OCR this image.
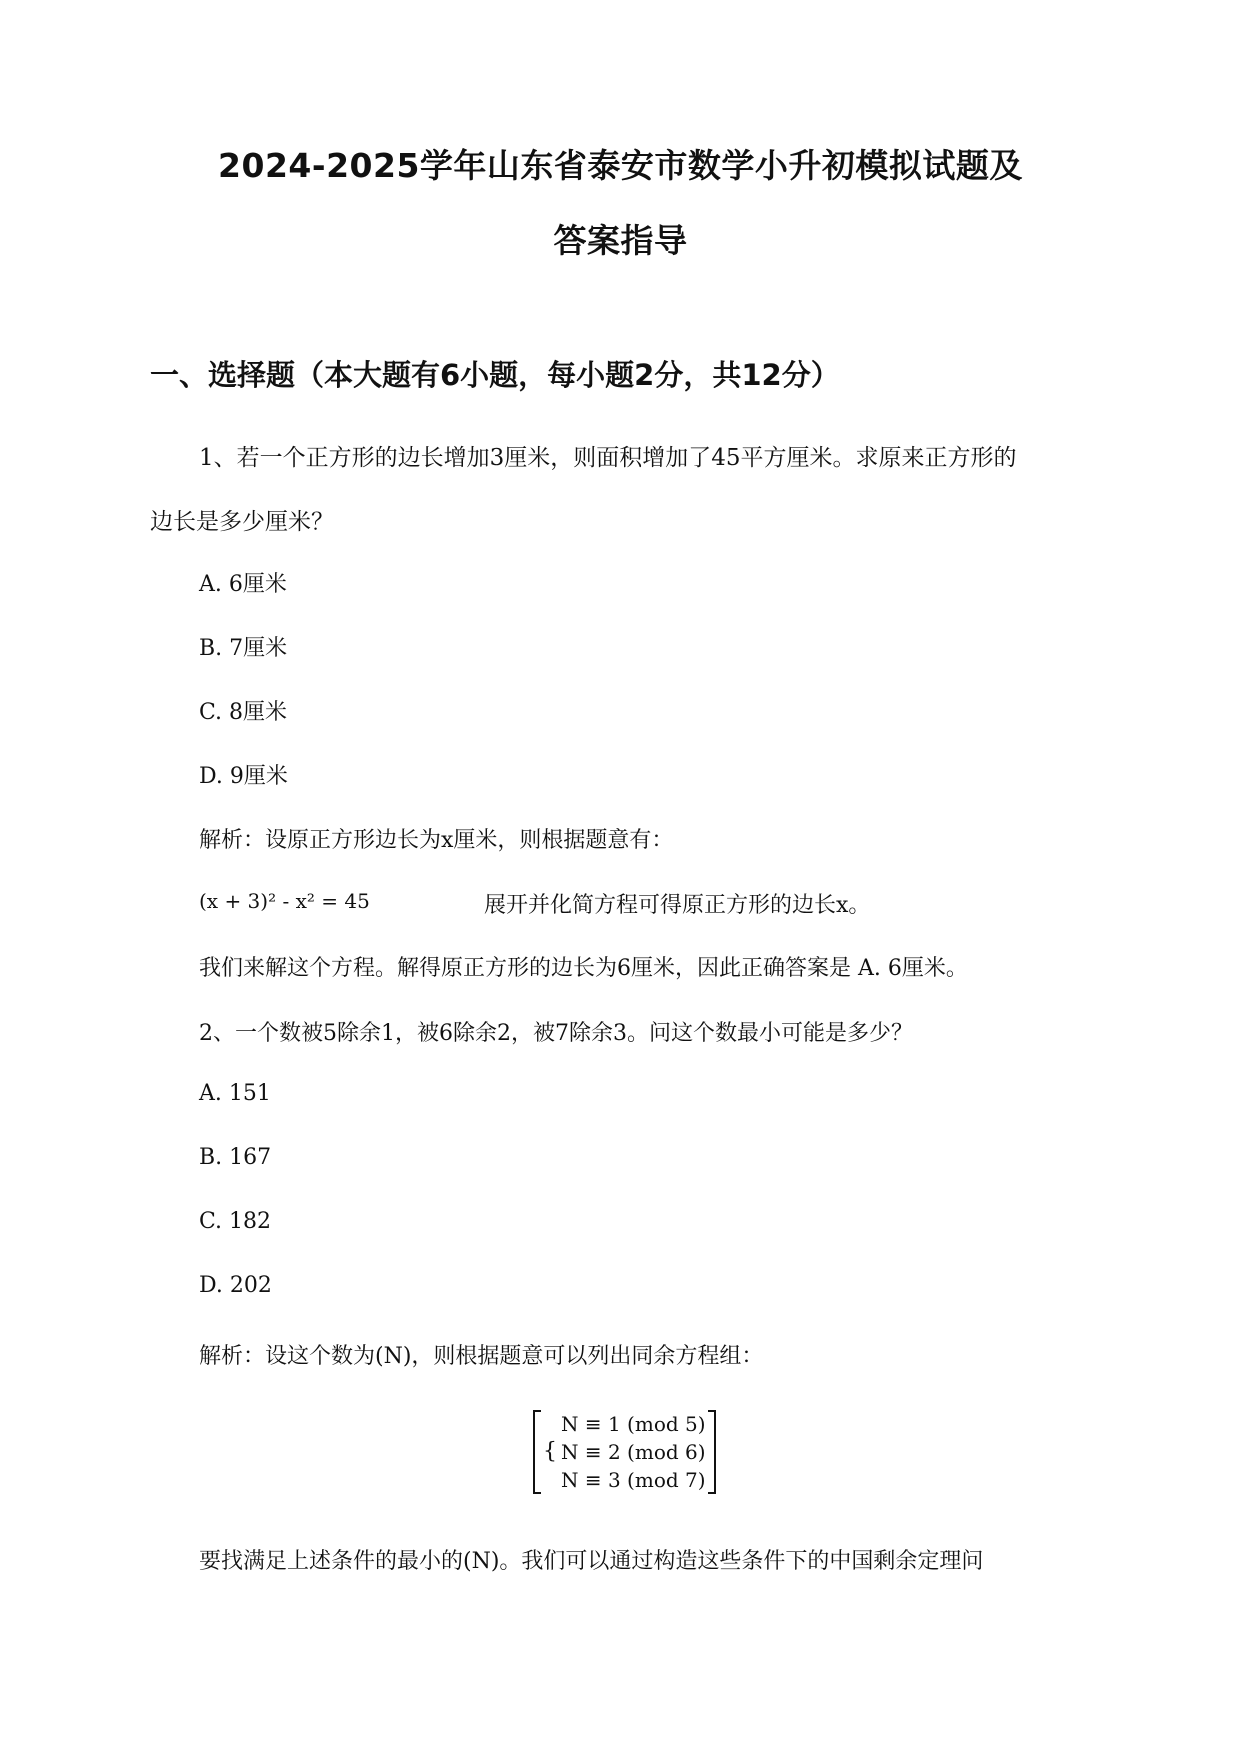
2024-2025学年山东省泰安市数学小升初模拟试题及
答案指导
一、选择题（本大题有6小题，每小题2分，共12分）
1、若一个正方形的边长增加3厘米，则面积增加了45平方厘米。求原来正方形的
边长是多少厘米？
A. 6厘米
B. 7厘米
C. 8厘米
D. 9厘米
解析：设原正方形边长为x厘米，则根据题意有：
(x + 3)² - x² = 45	展开并化简方程可得原正方形的边长x。
我们来解这个方程。解得原正方形的边长为6厘米，因此正确答案是 A. 6厘米。
2、一个数被5除余1，被6除余2，被7除余3。问这个数最小可能是多少？
A. 151
B. 167
C. 182
D. 202
解析：设这个数为(N)，则根据题意可以列出同余方程组：
{
N ≡ 1 (mod 5)
N ≡ 2 (mod 6)
N ≡ 3 (mod 7)
要找满足上述条件的最小的(N)。我们可以通过构造这些条件下的中国剩余定理问
